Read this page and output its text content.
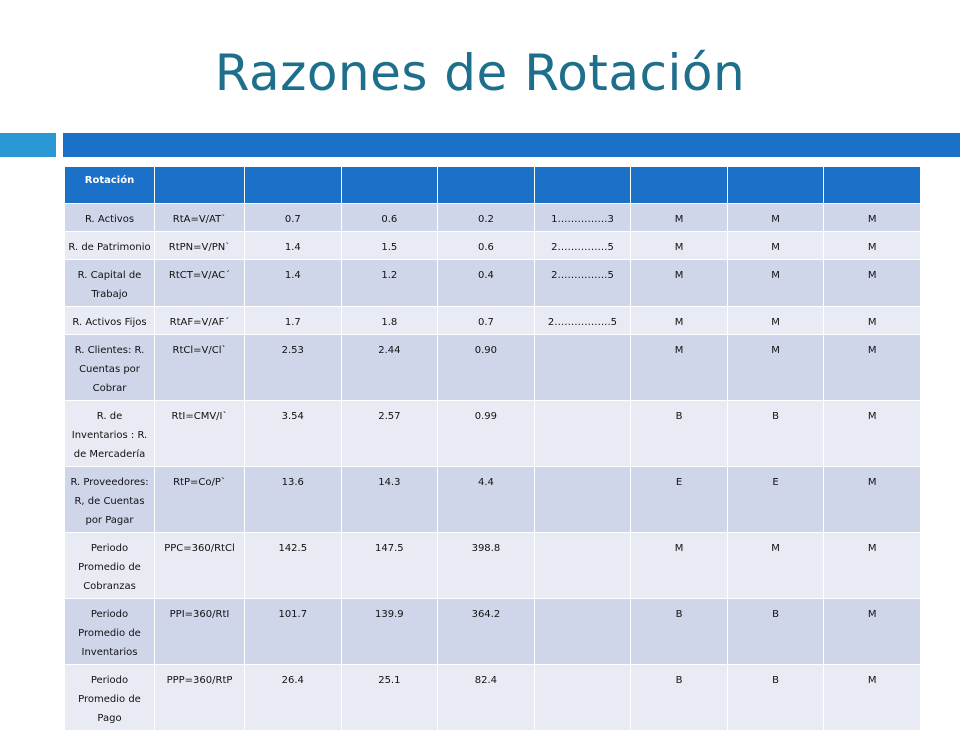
Razones de Rotación
Rotación								
R. Activos	RtA=V/AT`	0.7	0.6	0.2	1……………3	M	M	M
R. de Patrimonio	RtPN=V/PN`	1.4	1.5	0.6	2……………5	M	M	M
R. Capital de Trabajo	RtCT=V/AC´	1.4	1.2	0.4	2……………5	M	M	M
R. Activos Fijos	RtAF=V/AF´	1.7	1.8	0.7	2……………..5	M	M	M
R. Clientes: R. Cuentas por Cobrar	RtCl=V/Cl`	2.53	2.44	0.90		M	M	M
R. de Inventarios : R. de Mercadería	RtI=CMV/I`	3.54	2.57	0.99		B	B	M
R. Proveedores: R, de Cuentas por Pagar	RtP=Co/P`	13.6	14.3	4.4		E	E	M
Periodo Promedio de Cobranzas	PPC=360/RtCl	142.5	147.5	398.8		M	M	M
Periodo Promedio de Inventarios	PPI=360/RtI	101.7	139.9	364.2		B	B	M
Periodo Promedio de Pago	PPP=360/RtP	26.4	25.1	82.4		B	B	M
